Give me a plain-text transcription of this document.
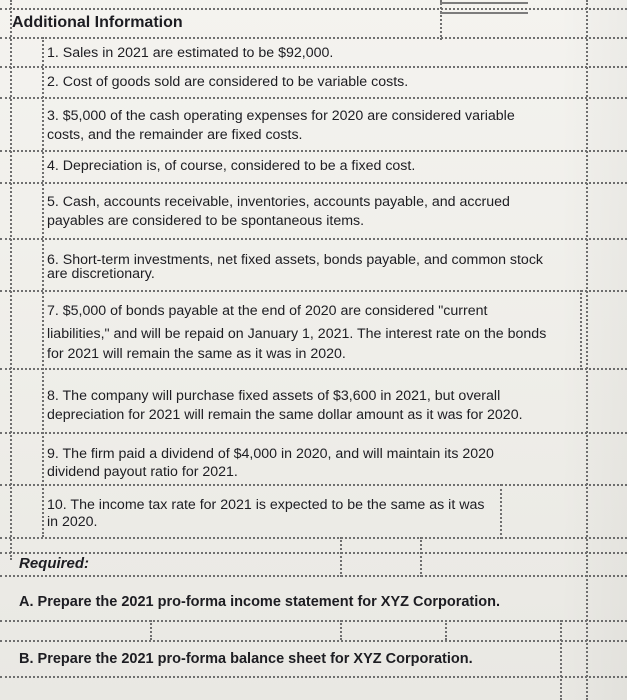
Additional Information
1. Sales in 2021 are estimated to be $92,000.
2. Cost of goods sold are considered to be variable costs.
3. $5,000 of the cash operating expenses for 2020 are considered variable
costs, and the remainder are fixed costs.
4. Depreciation is, of course, considered to be a fixed cost.
5. Cash, accounts receivable, inventories, accounts payable, and accrued
payables are considered to be spontaneous items.
6. Short-term investments, net fixed assets, bonds payable, and common stock
are discretionary.
7. $5,000 of bonds payable at the end of 2020 are considered "current
liabilities," and will be repaid on January 1, 2021. The interest rate on the bonds
for 2021 will remain the same as it was in 2020.
8. The company will purchase fixed assets of $3,600 in 2021, but overall
depreciation for 2021 will remain the same dollar amount as it was for 2020.
9. The firm paid a dividend of $4,000 in 2020, and will maintain its 2020
dividend payout ratio for 2021.
10. The income tax rate for 2021 is expected to be the same as it was
in 2020.
Required:
A. Prepare the 2021 pro-forma income statement for XYZ Corporation.
B. Prepare the 2021 pro-forma balance sheet for XYZ Corporation.
